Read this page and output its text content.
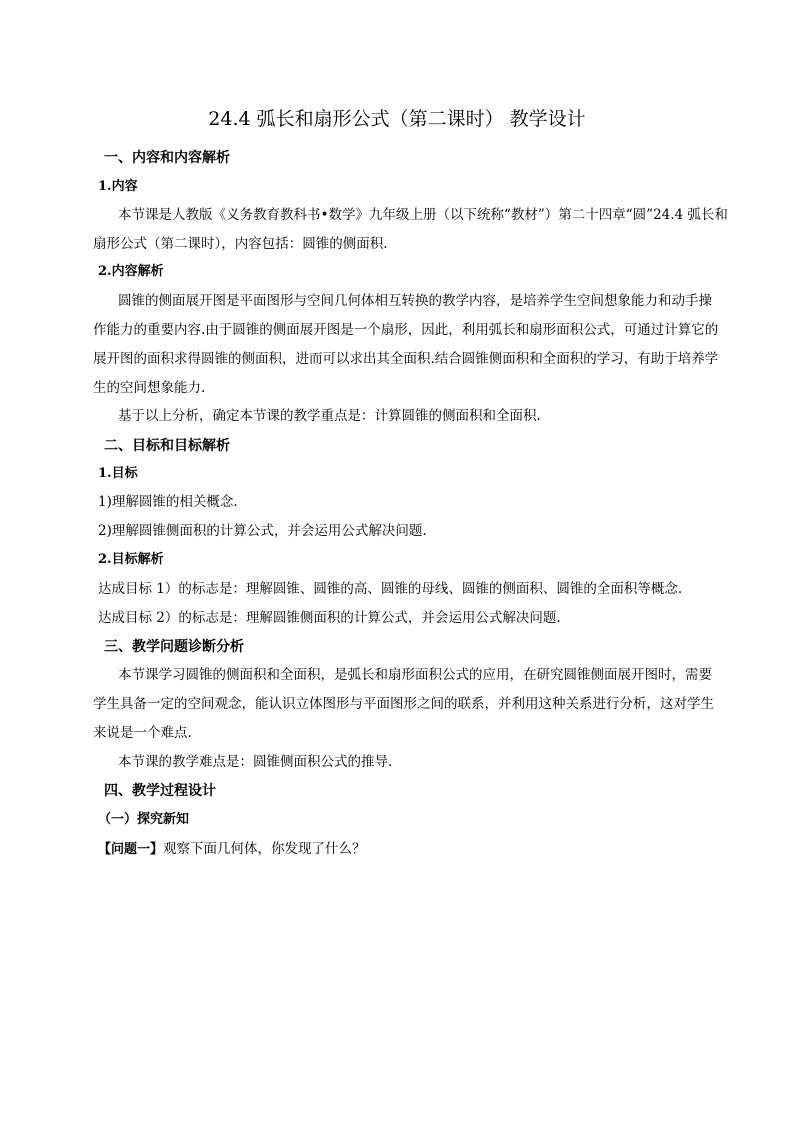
24.4 弧长和扇形公式（第二课时） 教学设计
一、内容和内容解析
1.内容
本节课是人教版《义务教育教科书•数学》九年级上册（以下统称“教材”）第二十四章“圆”24.4 弧长和
扇形公式（第二课时），内容包括：圆锥的侧面积.
2.内容解析
圆锥的侧面展开图是平面图形与空间几何体相互转换的教学内容，是培养学生空间想象能力和动手操
作能力的重要内容.由于圆锥的侧面展开图是一个扇形，因此，利用弧长和扇形面积公式，可通过计算它的
展开图的面积求得圆锥的侧面积，进而可以求出其全面积.结合圆锥侧面积和全面积的学习，有助于培养学
生的空间想象能力.
基于以上分析，确定本节课的教学重点是：计算圆锥的侧面积和全面积.
二、目标和目标解析
1.目标
1)理解圆锥的相关概念.
2)理解圆锥侧面积的计算公式，并会运用公式解决问题.
2.目标解析
达成目标 1）的标志是：理解圆锥、圆锥的高、圆锥的母线、圆锥的侧面积、圆锥的全面积等概念.
达成目标 2）的标志是：理解圆锥侧面积的计算公式，并会运用公式解决问题.
三、教学问题诊断分析
本节课学习圆锥的侧面积和全面积，是弧长和扇形面积公式的应用，在研究圆锥侧面展开图时，需要
学生具备一定的空间观念，能认识立体图形与平面图形之间的联系，并利用这种关系进行分析，这对学生
来说是一个难点.
本节课的教学难点是：圆锥侧面积公式的推导.
四、教学过程设计
（一）探究新知
【问题一】观察下面几何体，你发现了什么？
